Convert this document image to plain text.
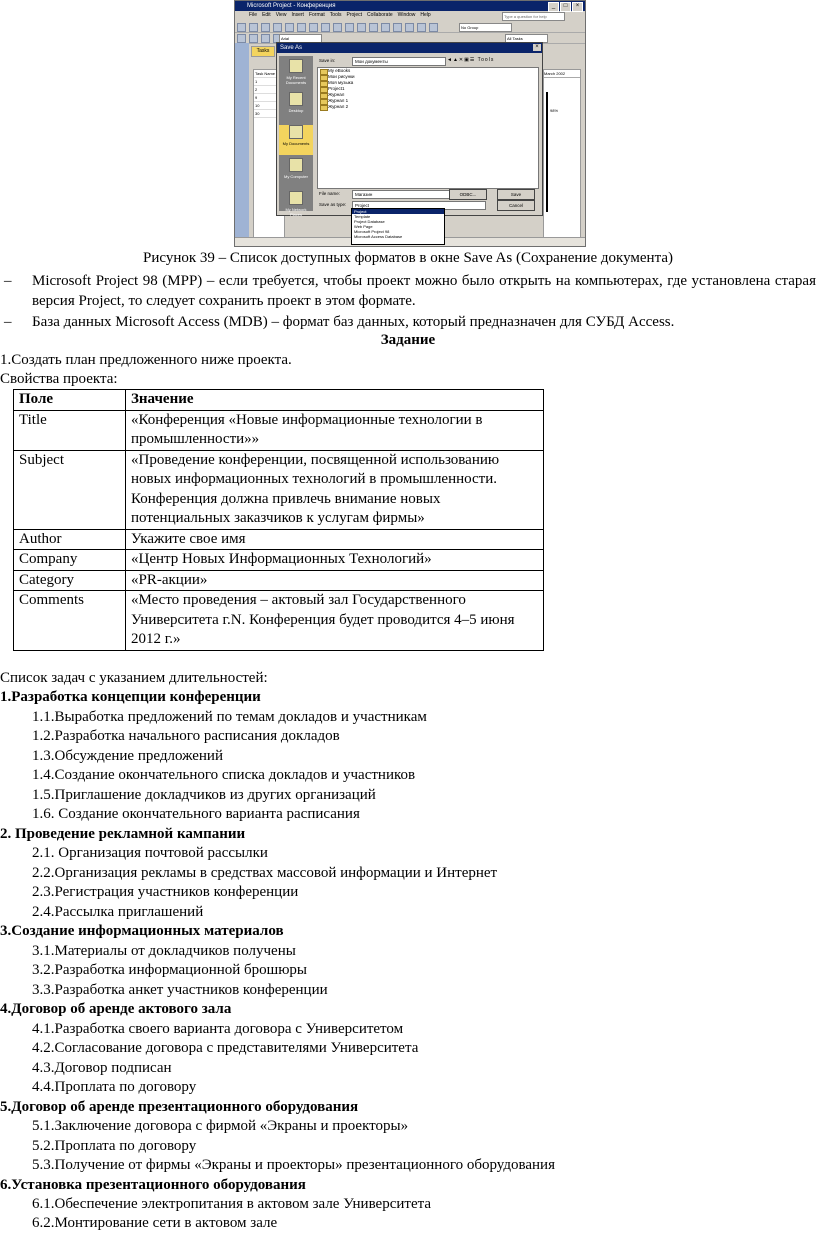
Microsoft Project - Конференция	_	□	×
File Edit View Insert Format Tools Project Collaborate Window Help	Type a question for help
No Group
Arial	All Tasks
Tasks
Task Name
1
2
9
10
30
March 2002
98%
Save As	×
Save in:	Мои документы	◄▲✕▣☰ Tools
My Recent Documents
Desktop
My Documents
My Computer
My Network Places
My eBooks
Мои рисунки
Моя музыка
Project1
Журнал
Журнал 1
Журнал 2
File name:	Магазин
Save as type:	Project
ODBC...	Save
Cancel
Project
Template
Project Database
Web Page
Microsoft Project 98
Microsoft Access Database
Рисунок 39 – Список доступных форматов в окне Save As (Сохранение документа)
– Microsoft Project 98 (MPP) – если требуется, чтобы проект можно было открыть на компьютерах, где установлена старая версия Project, то следует сохранить проект в этом формате.
– База данных Microsoft Access (MDB) – формат баз данных, который предназначен для СУБД Access.
Задание
1.Создать план предложенного ниже проекта.
Свойства проекта:
Поле	Значение
Title	«Конференция «Новые информационные технологии в промышленности»»
Subject	«Проведение конференции, посвященной использованию новых информационных технологий в промышленности. Конференция должна привлечь внимание новых потенциальных заказчиков к услугам фирмы»
Author	Укажите свое имя
Company	«Центр Новых Информационных Технологий»
Category	«PR-акции»
Comments	«Место проведения – актовый зал Государственного Университета г.N. Конференция будет проводится 4–5 июня 2012 г.»
Список задач с указанием длительностей:
1.Разработка концепции конференции
1.1.Выработка предложений по темам докладов и участникам
1.2.Разработка начального расписания докладов
1.3.Обсуждение предложений
1.4.Создание окончательного списка докладов и участников
1.5.Приглашение докладчиков из других организаций
1.6. Создание окончательного варианта расписания
2. Проведение рекламной кампании
2.1. Организация почтовой рассылки
2.2.Организация рекламы в средствах массовой информации и Интернет
2.3.Регистрация участников конференции
2.4.Рассылка приглашений
3.Создание информационных материалов
3.1.Материалы от докладчиков получены
3.2.Разработка информационной брошюры
3.3.Разработка анкет участников конференции
4.Договор об аренде актового зала
4.1.Разработка своего варианта договора с Университетом
4.2.Согласование договора с представителями Университета
4.3.Договор подписан
4.4.Проплата по договору
5.Договор об аренде презентационного оборудования
5.1.Заключение договора с фирмой «Экраны и проекторы»
5.2.Проплата по договору
5.3.Получение от фирмы «Экраны и проекторы» презентационного оборудования
6.Установка презентационного оборудования
6.1.Обеспечение электропитания в актовом зале Университета
6.2.Монтирование сети в актовом зале
